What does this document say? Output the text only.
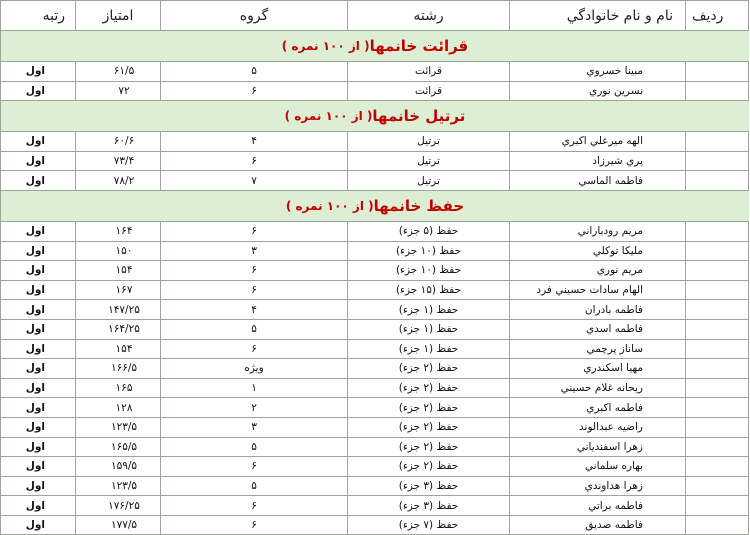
ردیف
نام و نام خانوادگي
رشته
گروه
امتياز
رتبه
قرائت خانمها
( از ۱۰۰ نمره )
مبينا خسروي
قرائت
۵
۶۱/۵
اول
نسرين نوري
قرائت
۶
۷۲
اول
ترتيل خانمها
( از ۱۰۰ نمره )
الهه ميرعلي اكبري
ترتيل
۴
۶۰/۶
اول
پري شيرزاد
ترتيل
۶
۷۳/۴
اول
فاطمه الماسي
ترتيل
۷
۷۸/۲
اول
حفظ خانمها
( از ۱۰۰ نمره )
مريم رودباراني
حفظ (۵ جزء)
۶
۱۶۴
اول
مليكا توكلي
حفظ (۱۰ جزء)
۳
۱۵۰
اول
مريم نوري
حفظ (۱۰ جزء)
۶
۱۵۴
اول
الهام سادات حسيني فرد
حفظ (۱۵ جزء)
۶
۱۶۷
اول
فاطمه بادران
حفظ (۱ جزء)
۴
۱۴۷/۲۵
اول
فاطمه اسدي
حفظ (۱ جزء)
۵
۱۶۴/۲۵
اول
ساناز پرچمي
حفظ (۱ جزء)
۶
۱۵۴
اول
مهيا اسكندري
حفظ (۲ جزء)
ويژه
۱۶۶/۵
اول
ريحانه غلام حسيني
حفظ (۲ جزء)
۱
۱۶۵
اول
فاطمه اكبري
حفظ (۲ جزء)
۲
۱۲۸
اول
راضيه عبدالوند
حفظ (۲ جزء)
۳
۱۲۳/۵
اول
زهرا اسفندياني
حفظ (۲ جزء)
۵
۱۶۵/۵
اول
بهاره سلماني
حفظ (۲ جزء)
۶
۱۵۹/۵
اول
زهرا هداوندي
حفظ (۳ جزء)
۵
۱۲۳/۵
اول
فاطمه براتي
حفظ (۳ جزء)
۶
۱۷۶/۲۵
اول
فاطمه صديق
حفظ (۷ جزء)
۶
۱۷۷/۵
اول
